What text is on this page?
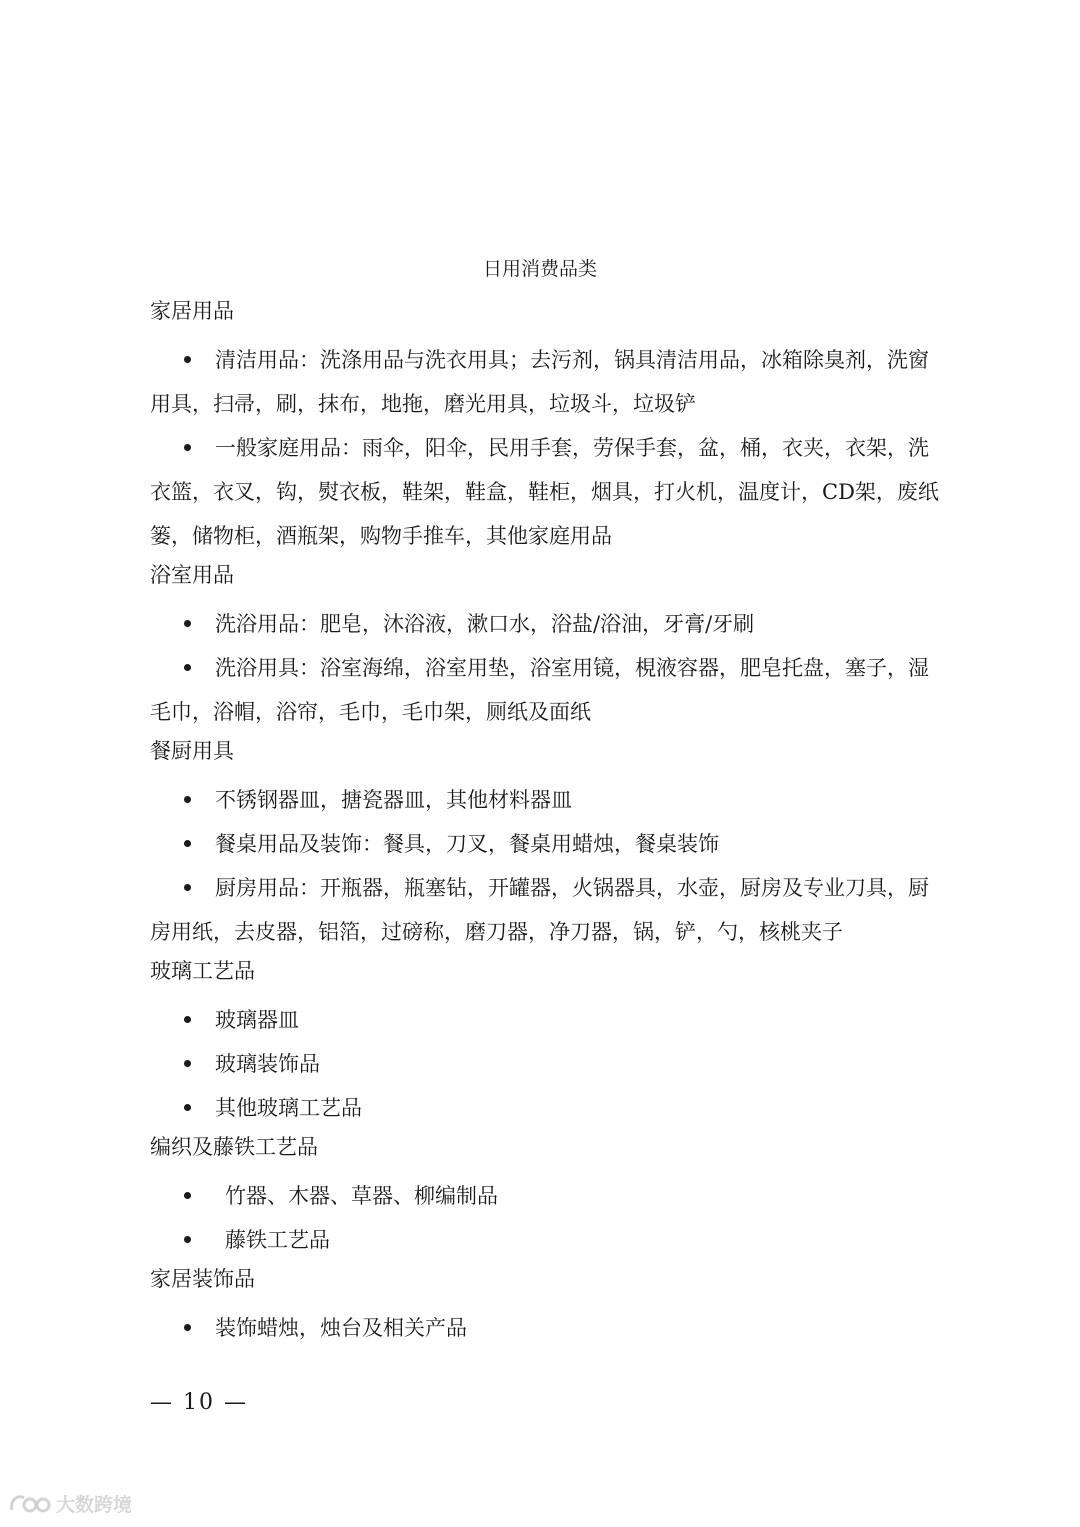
日用消费品类
家居用品
清洁用品：洗涤用品与洗衣用具；去污剂，锅具清洁用品，冰箱除臭剂，洗窗用具，扫帚，刷，抹布，地拖，磨光用具，垃圾斗，垃圾铲
一般家庭用品：雨伞，阳伞，民用手套，劳保手套，盆，桶，衣夹，衣架，洗衣篮，衣叉，钩，熨衣板，鞋架，鞋盒，鞋柜，烟具，打火机，温度计，CD架，废纸篓，储物柜，酒瓶架，购物手推车，其他家庭用品
浴室用品
洗浴用品：肥皂，沐浴液，漱口水，浴盐/浴油，牙膏/牙刷
洗浴用具：浴室海绵，浴室用垫，浴室用镜，梘液容器，肥皂托盘，塞子，湿毛巾，浴帽，浴帘，毛巾，毛巾架，厕纸及面纸
餐厨用具
不锈钢器皿，搪瓷器皿，其他材料器皿
餐桌用品及装饰：餐具，刀叉，餐桌用蜡烛，餐桌装饰
厨房用品：开瓶器，瓶塞钻，开罐器，火锅器具，水壶，厨房及专业刀具，厨房用纸，去皮器，铝箔，过磅称，磨刀器，净刀器，锅，铲，勺，核桃夹子
玻璃工艺品
玻璃器皿
玻璃装饰品
其他玻璃工艺品
编织及藤铁工艺品
竹器、木器、草器、柳编制品
藤铁工艺品
家居装饰品
装饰蜡烛，烛台及相关产品
— 10 —
大数跨境
